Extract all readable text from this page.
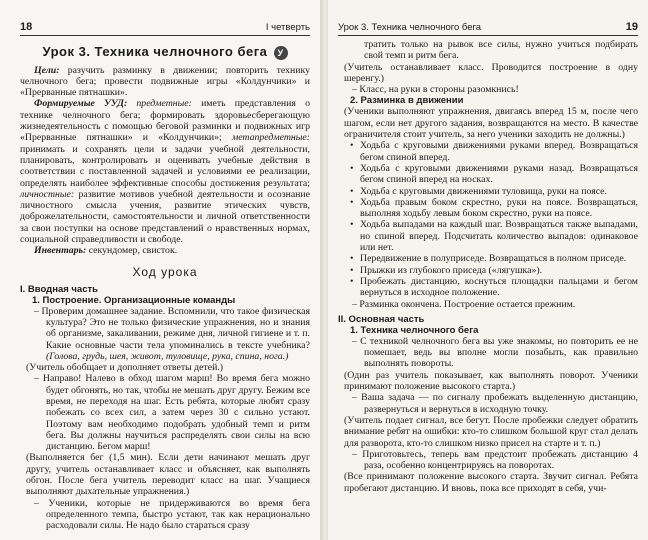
18	I четверть
Урок 3. Техника челночного бега У

Цели: разучить разминку в движении; повторить технику челночного бега; провести подвижные игры «Колдунчики» и «Прерванные пятнашки».

Формируемые УУД: предметные: иметь представления о технике челночного бега; формировать здоровьесберегающую жизнедеятельность с помощью беговой разминки и подвижных игр «Прерванные пятнашки» и «Колдунчики»; метапредметные: принимать и сохранять цели и задачи учебной деятельности, планировать, контролировать и оценивать учебные действия в соответствии с поставленной задачей и условиями ее реализации, определять наиболее эффективные способы достижения результата; личностные: развитие мотивов учебной деятельности и осознание личностного смысла учения, развитие этических чувств, доброжелательности, самостоятельности и личной ответственности за свои поступки на основе представлений о нравственных нормах, социальной справедливости и свободе.

Инвентарь: секундомер, свисток.

Ход урока
I. Вводная часть
1. Построение. Организационные команды

– Проверим домашнее задание. Вспомнили, что такое физическая культура? Это не только физические упражнения, но и знания об организме, закаливании, режиме дня, личной гигиене и т. п. Какие основные части тела упоминались в тексте учебника? (Голова, грудь, шея, живот, туловище, рука, спина, нога.)

(Учитель обобщает и дополняет ответы детей.)

– Направо! Налево в обход шагом марш! Во время бега можно будет обгонять, но так, чтобы не мешать друг другу. Бежим все время, не переходя на шаг. Есть ребята, которые любят сразу побежать со всех сил, а затем через 30 с сильно устают. Поэтому вам необходимо подобрать удобный темп и ритм бега. Вы должны научиться распределять свои силы на всю дистанцию. Бегом марш!

(Выполняется бег (1,5 мин). Если дети начинают мешать друг другу, учитель останавливает класс и объясняет, как выполнять обгон. После бега учитель переводит класс на шаг. Учащиеся выполняют дыхательные упражнения.)

– Ученики, которые не придерживаются во время бега определенного темпа, быстро устают, так как нерационально расходовали силы. Не надо было стараться сразу

Урок 3. Техника челночного бега	19

тратить только на рывок все силы, нужно учиться подбирать свой темп и ритм бега.

(Учитель останавливает класс. Проводится построение в одну шеренгу.)

– Класс, на руки в стороны разомкнись!

2. Разминка в движении

(Ученики выполняют упражнения, двигаясь вперед 15 м, после чего шагом, если нет другого задания, возвращаются на место. В качестве ограничителя стоит учитель, за него ученики заходить не должны.)

• Ходьба с круговыми движениями руками вперед. Возвращаться бегом спиной вперед.
• Ходьба с круговыми движениями руками назад. Возвращаться бегом спиной вперед на носках.
• Ходьба с круговыми движениями туловища, руки на поясе.
• Ходьба правым боком скрестно, руки на поясе. Возвращаться, выполняя ходьбу левым боком скрестно, руки на поясе.
• Ходьба выпадами на каждый шаг. Возвращаться также выпадами, но спиной вперед. Подсчитать количество выпадов: одинаковое или нет.
• Передвижение в полуприседе. Возвращаться в полном приседе.
• Прыжки из глубокого приседа («лягушка»).
• Пробежать дистанцию, коснуться площадки пальцами и бегом вернуться в исходное положение.

– Разминка окончена. Построение остается прежним.

II. Основная часть
1. Техника челночного бега

– С техникой челночного бега вы уже знакомы, но повторить ее не помешает, ведь вы вполне могли позабыть, как правильно выполнять повороты.

(Один раз учитель показывает, как выполнять поворот. Ученики принимают положение высокого старта.)

– Ваша задача — по сигналу пробежать выделенную дистанцию, развернуться и вернуться в исходную точку.

(Учитель подает сигнал, все бегут. После пробежки следует обратить внимание ребят на ошибки: кто-то слишком большой круг стал делать для разворота, кто-то слишком низко присел на старте и т. п.)

– Приготовьтесь, теперь вам предстоит пробежать дистанцию 4 раза, особенно концентрируясь на поворотах.

(Все принимают положение высокого старта. Звучит сигнал. Ребята пробегают дистанцию. И вновь, пока все приходят в себя, учи-
